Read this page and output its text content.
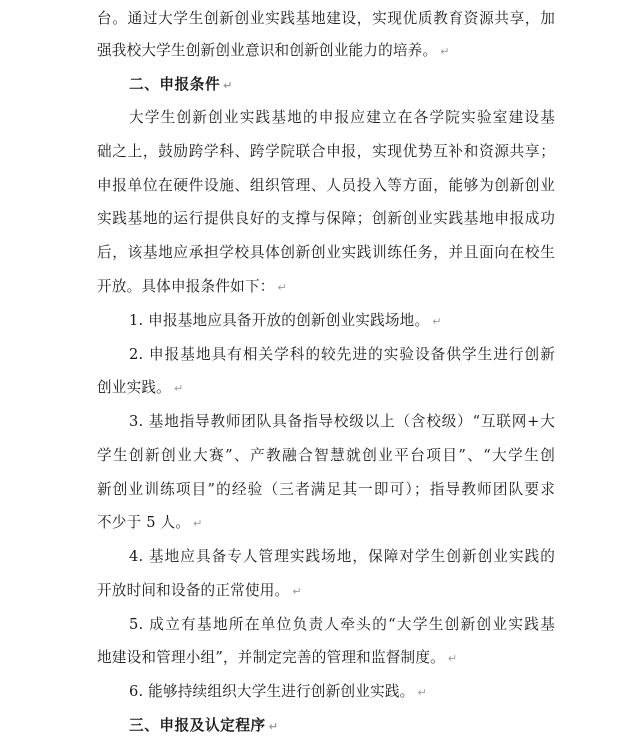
台。通过大学生创新创业实践基地建设，实现优质教育资源共享，加
强我校大学生创新创业意识和创新创业能力的培养。 ↵
二、申报条件 ↵
大学生创新创业实践基地的申报应建立在各学院实验室建设基
础之上，鼓励跨学科、跨学院联合申报，实现优势互补和资源共享；
申报单位在硬件设施、组织管理、人员投入等方面，能够为创新创业
实践基地的运行提供良好的支撑与保障；创新创业实践基地申报成功
后，该基地应承担学校具体创新创业实践训练任务，并且面向在校生
开放。具体申报条件如下： ↵
1. 申报基地应具备开放的创新创业实践场地。 ↵
2. 申报基地具有相关学科的较先进的实验设备供学生进行创新
创业实践。 ↵
3. 基地指导教师团队具备指导校级以上（含校级）“互联网+大
学生创新创业大赛”、产教融合智慧就创业平台项目”、“大学生创
新创业训练项目”的经验（三者满足其一即可）；指导教师团队要求
不少于 5 人。 ↵
4. 基地应具备专人管理实践场地，保障对学生创新创业实践的
开放时间和设备的正常使用。 ↵
5. 成立有基地所在单位负责人牵头的“大学生创新创业实践基
地建设和管理小组”，并制定完善的管理和监督制度。 ↵
6. 能够持续组织大学生进行创新创业实践。 ↵
三、申报及认定程序 ↵
